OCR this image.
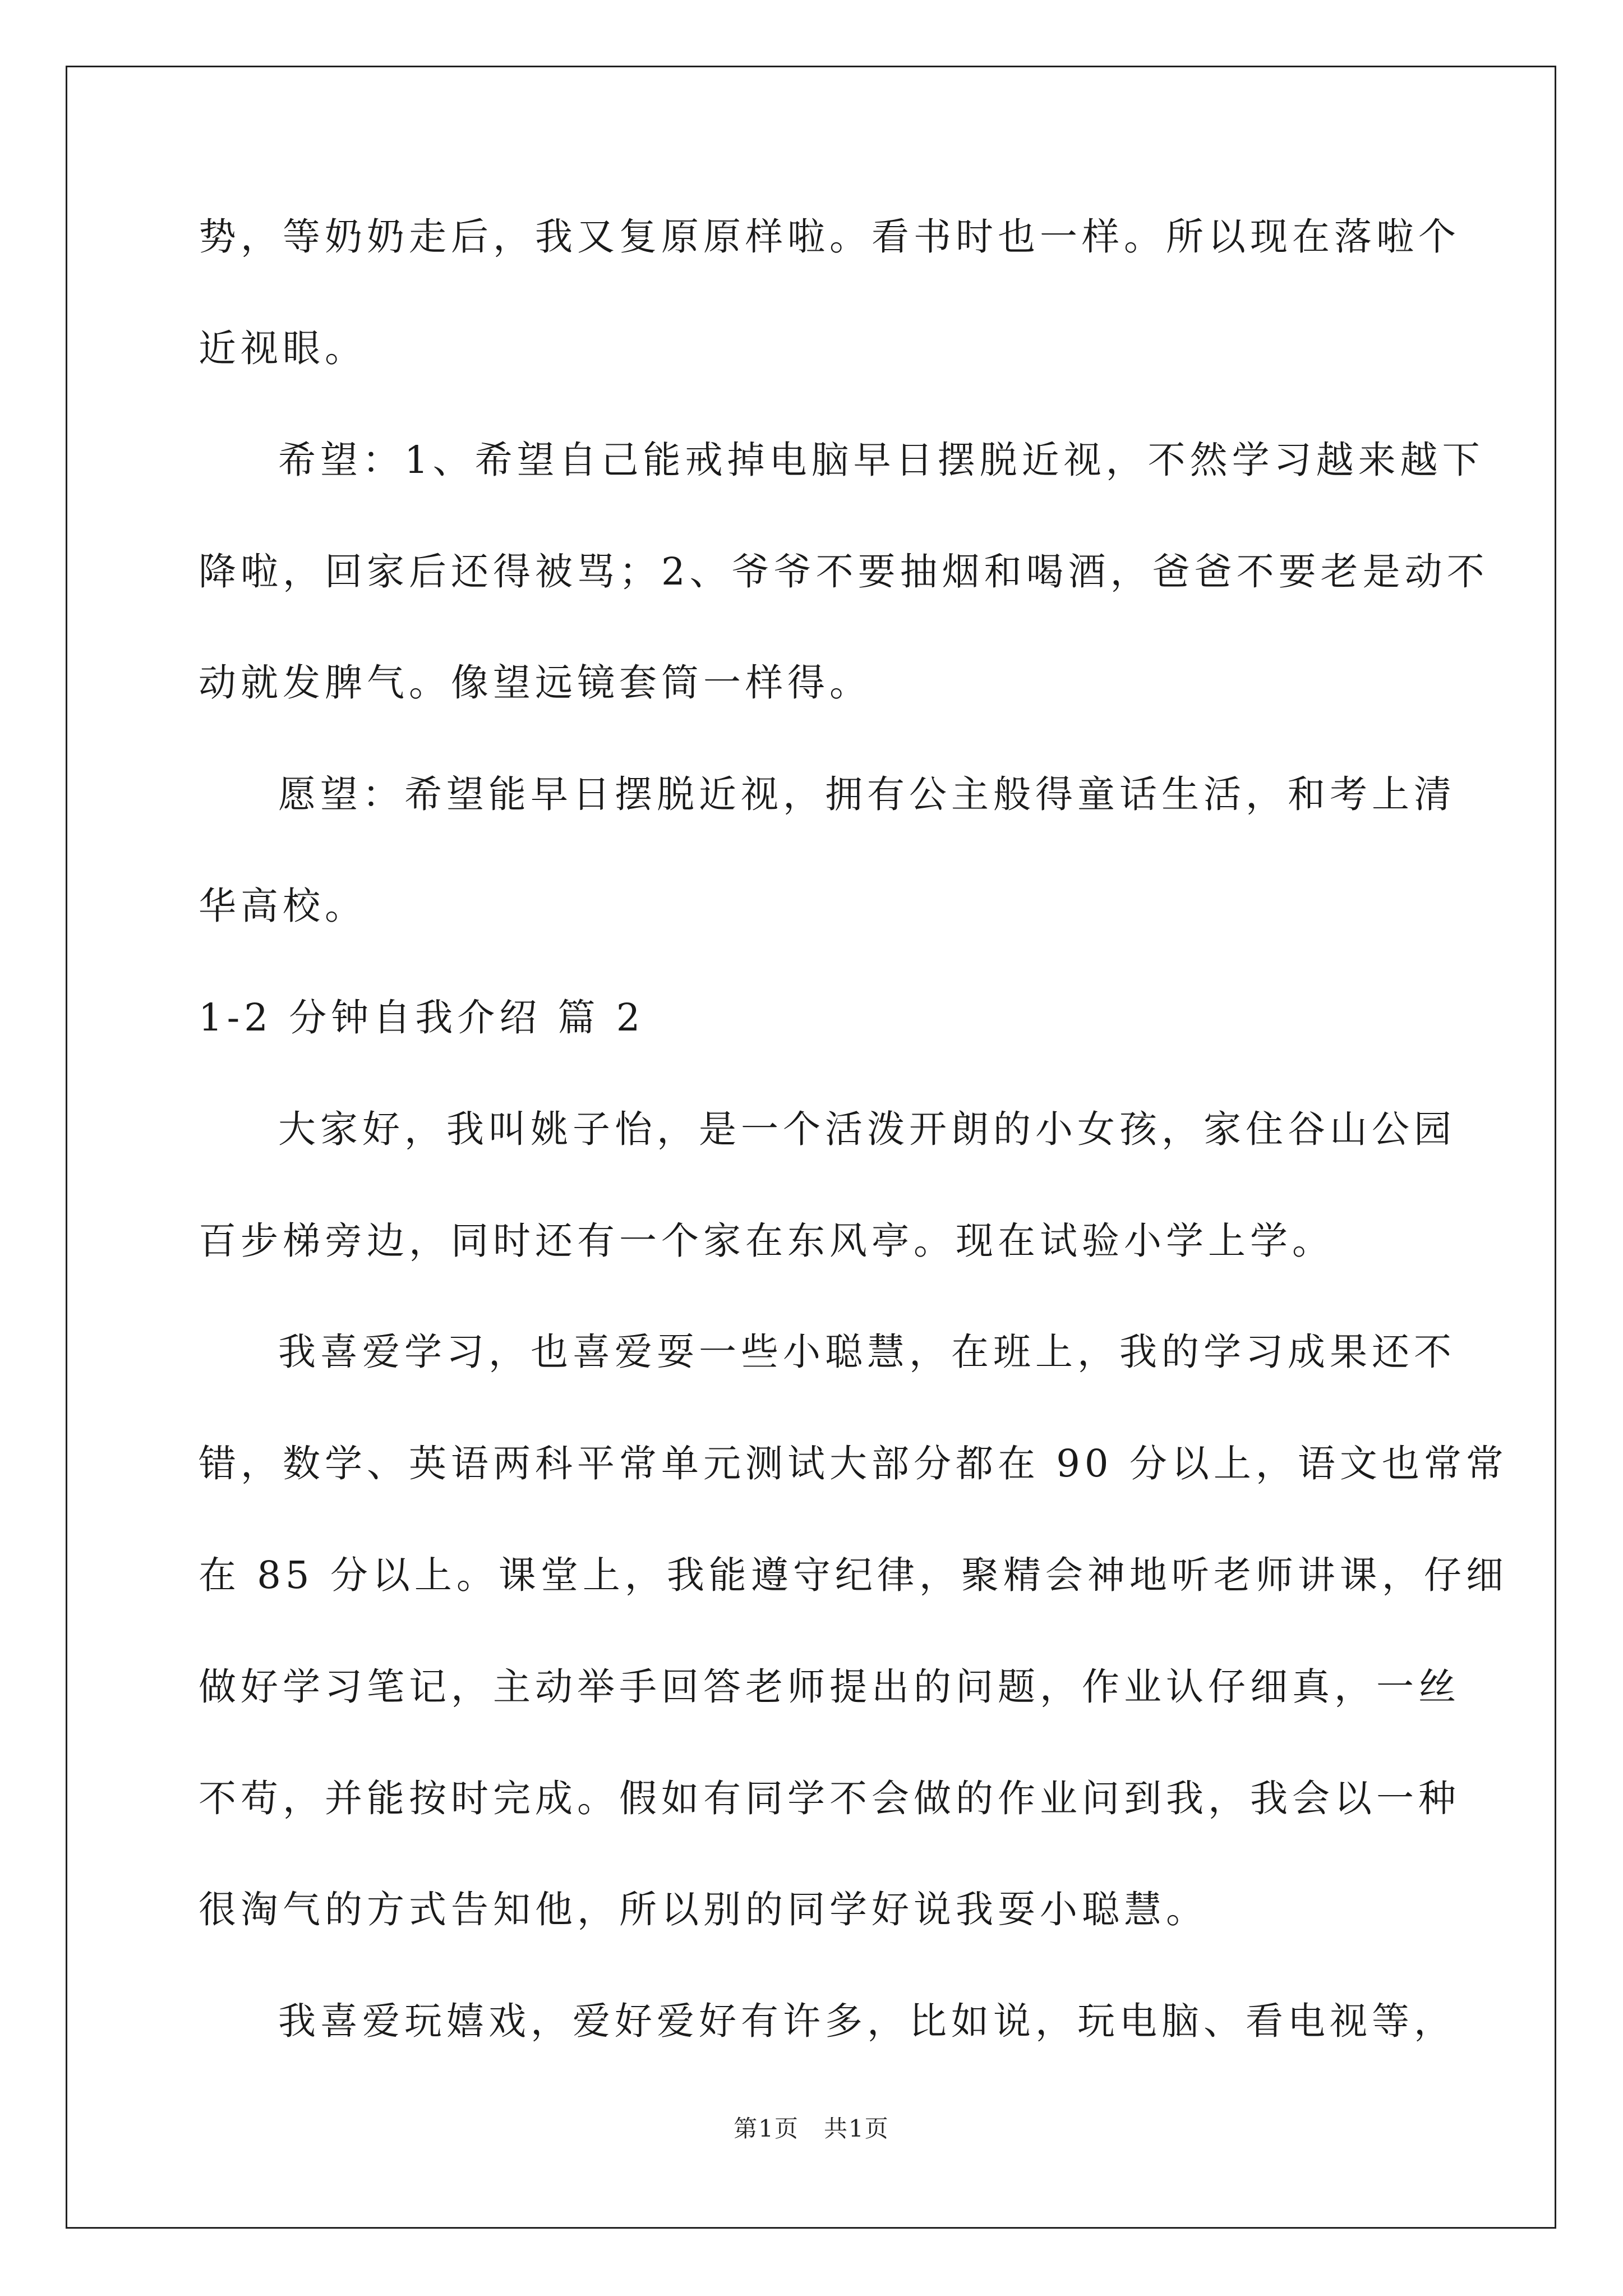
势，等奶奶走后，我又复原原样啦。看书时也一样。所以现在落啦个
近视眼。
希望：1、希望自己能戒掉电脑早日摆脱近视，不然学习越来越下
降啦，回家后还得被骂；2、爷爷不要抽烟和喝酒，爸爸不要老是动不
动就发脾气。像望远镜套筒一样得。
愿望：希望能早日摆脱近视，拥有公主般得童话生活，和考上清
华高校。
1-2 分钟自我介绍 篇 2
大家好，我叫姚子怡，是一个活泼开朗的小女孩，家住谷山公园
百步梯旁边，同时还有一个家在东风亭。现在试验小学上学。
我喜爱学习，也喜爱耍一些小聪慧，在班上，我的学习成果还不
错，数学、英语两科平常单元测试大部分都在 90 分以上，语文也常常
在 85 分以上。课堂上，我能遵守纪律，聚精会神地听老师讲课，仔细
做好学习笔记，主动举手回答老师提出的问题，作业认仔细真，一丝
不苟，并能按时完成。假如有同学不会做的作业问到我，我会以一种
很淘气的方式告知他，所以别的同学好说我耍小聪慧。
我喜爱玩嬉戏，爱好爱好有许多，比如说，玩电脑、看电视等，
第1页　共1页
